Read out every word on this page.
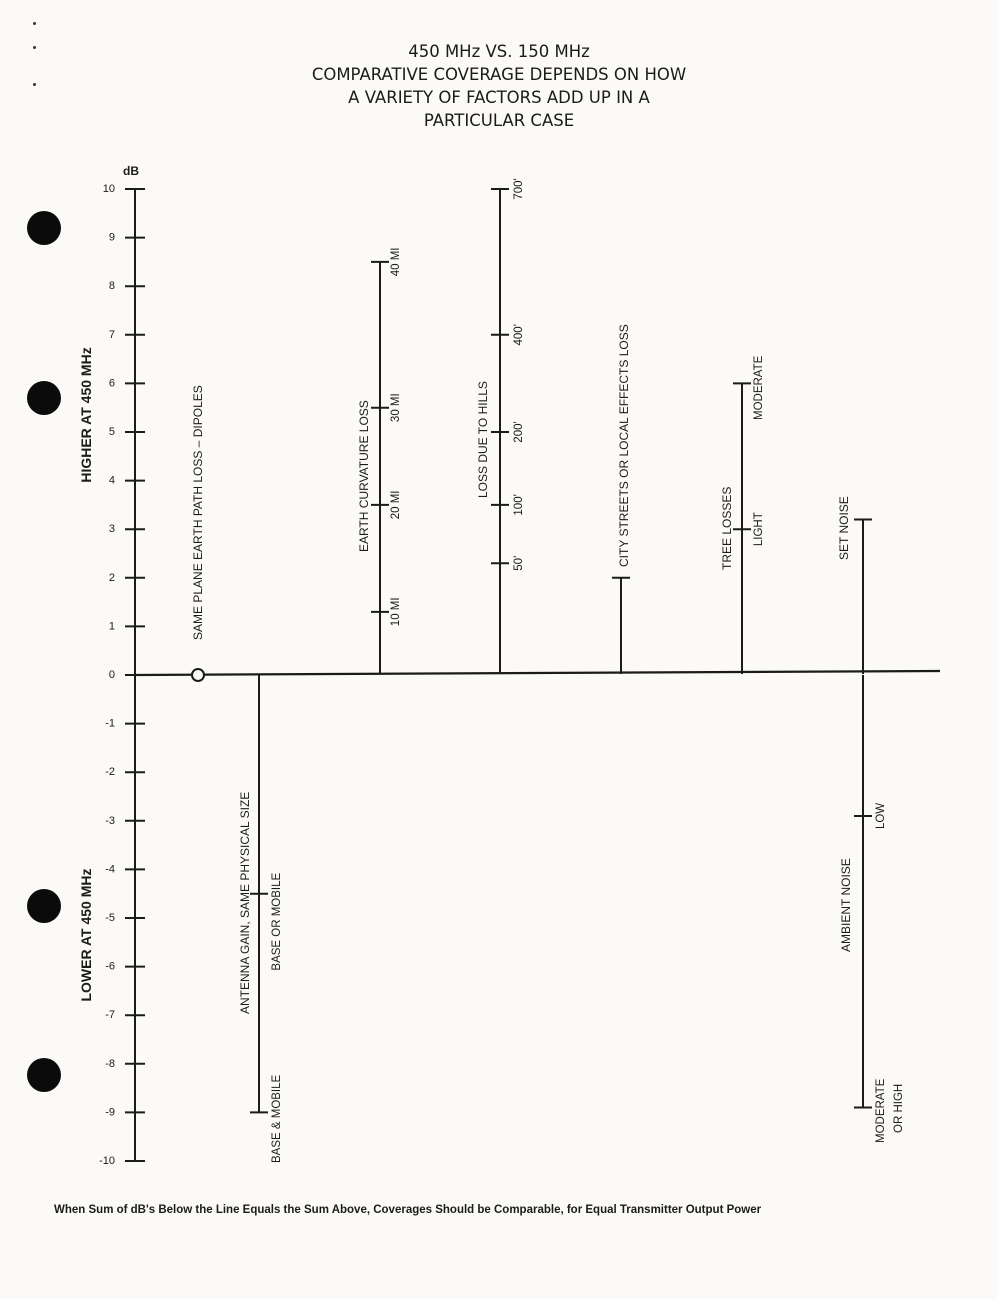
450 MHz VS. 150 MHz
COMPARATIVE COVERAGE DEPENDS ON HOW
A VARIETY OF FACTORS ADD UP IN A
PARTICULAR CASE
10
9
8
7
6
5
4
3
2
1
0
-1
-2
-3
-4
-5
-6
-7
-8
-9
-10
dB
HIGHER AT 450 MHz
LOWER AT 450 MHz
SAME PLANE EARTH PATH LOSS – DIPOLES
ANTENNA GAIN, SAME PHYSICAL SIZE BASE OR MOBILE
BASE & MOBILE
EARTH CURVATURE LOSS
10 MI
20 MI
30 MI
40 MI
LOSS DUE TO HILLS
50'
100'
200'
400'
700'
CITY STREETS OR LOCAL EFFECTS LOSS	TREE LOSSES LIGHT
MODERATE
SET NOISE
AMBIENT NOISE
LOW
MODERATE OR HIGH
When Sum of dB's Below the Line Equals the Sum Above, Coverages Should be Comparable, for Equal Transmitter Output Power
